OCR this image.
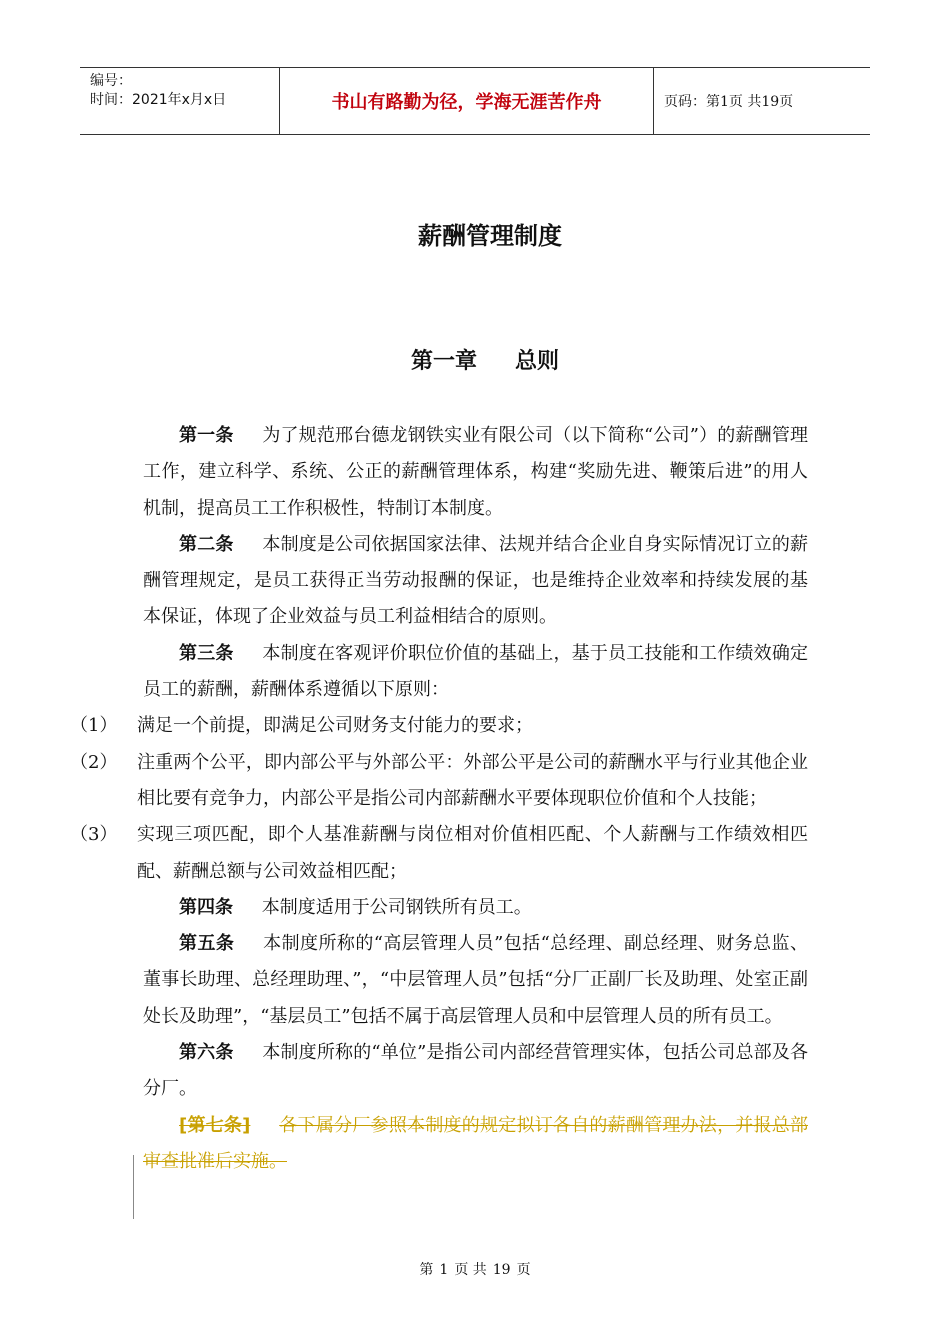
编号：
时间：2021年x月x日	书山有路勤为径，学海无涯苦作舟	页码：第1页 共19页
薪酬管理制度
第一章 总则

第一条 为了规范邢台德龙钢铁实业有限公司（以下简称“公司”）的薪酬管理工作，建立科学、系统、公正的薪酬管理体系，构建“奖励先进、鞭策后进”的用人机制，提高员工工作积极性，特制订本制度。

第二条 本制度是公司依据国家法律、法规并结合企业自身实际情况订立的薪酬管理规定，是员工获得正当劳动报酬的保证，也是维持企业效率和持续发展的基本保证，体现了企业效益与员工利益相结合的原则。

第三条 本制度在客观评价职位价值的基础上，基于员工技能和工作绩效确定员工的薪酬，薪酬体系遵循以下原则：

（1）	满足一个前提，即满足公司财务支付能力的要求；
（2）	注重两个公平，即内部公平与外部公平：外部公平是公司的薪酬水平与行业其他企业相比要有竞争力，内部公平是指公司内部薪酬水平要体现职位价值和个人技能；
（3）	实现三项匹配，即个人基准薪酬与岗位相对价值相匹配、个人薪酬与工作绩效相匹配、薪酬总额与公司效益相匹配；

第四条 本制度适用于公司钢铁所有员工。

第五条 本制度所称的“高层管理人员”包括“总经理、副总经理、财务总监、董事长助理、总经理助理、”，“中层管理人员”包括“分厂正副厂长及助理、处室正副处长及助理”，“基层员工”包括不属于高层管理人员和中层管理人员的所有员工。

第六条 本制度所称的“单位”是指公司内部经营管理实体，包括公司总部及各分厂。

[第七条] 各下属分厂参照本制度的规定拟订各自的薪酬管理办法，并报总部审查批准后实施。

第 1 页 共 19 页
